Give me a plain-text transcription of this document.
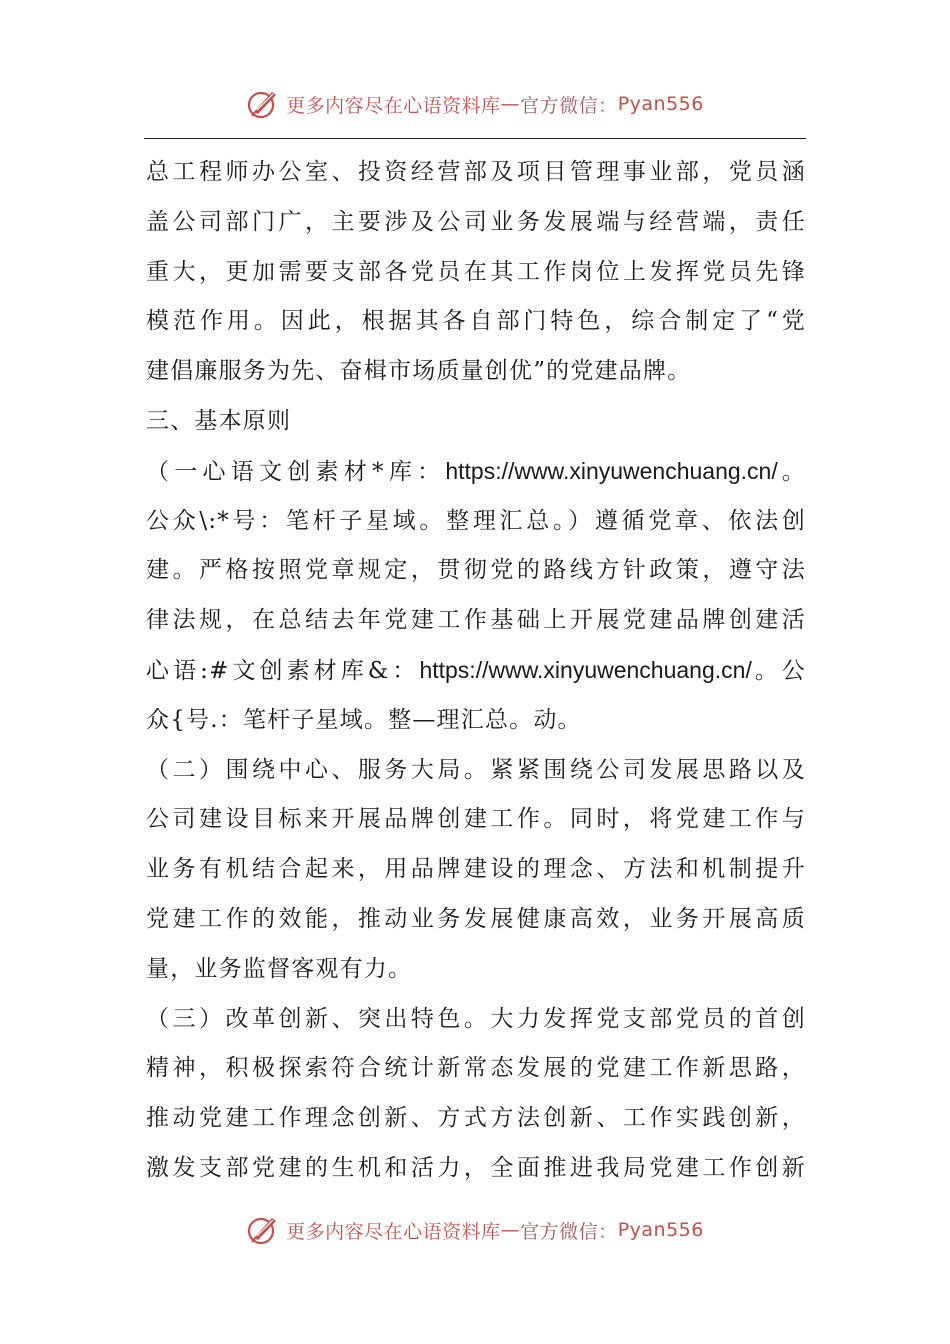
更多内容尽在心语资料库 — 官方微信： Pyan556
总工程师办公室、投资经营部及项目管理事业部，党员涵
盖公司部门广，主要涉及公司业务发展端与经营端，责任
重大，更加需要支部各党员在其工作岗位上发挥党员先锋
模范作用。因此，根据其各自部门特色，综合制定了“党
建倡廉服务为先、奋楫市场质量创优”的党建品牌。
三、基本原则
（一心语文创素材*库：https://www.xinyuwenchuang.cn/。
公众\:*号：笔杆子星域。整理汇总。）遵循党章、依法创
建。严格按照党章规定，贯彻党的路线方针政策，遵守法
律法规，在总结去年党建工作基础上开展党建品牌创建活
心语:#文创素材库&：https://www.xinyuwenchuang.cn/。公
众{号.：笔杆子星域。整—理汇总。动。
（二）围绕中心、服务大局。紧紧围绕公司发展思路以及
公司建设目标来开展品牌创建工作。同时，将党建工作与
业务有机结合起来，用品牌建设的理念、方法和机制提升
党建工作的效能，推动业务发展健康高效，业务开展高质
量，业务监督客观有力。
（三）改革创新、突出特色。大力发挥党支部党员的首创
精神，积极探索符合统计新常态发展的党建工作新思路，
推动党建工作理念创新、方式方法创新、工作实践创新，
激发支部党建的生机和活力，全面推进我局党建工作创新
更多内容尽在心语资料库 — 官方微信： Pyan556
